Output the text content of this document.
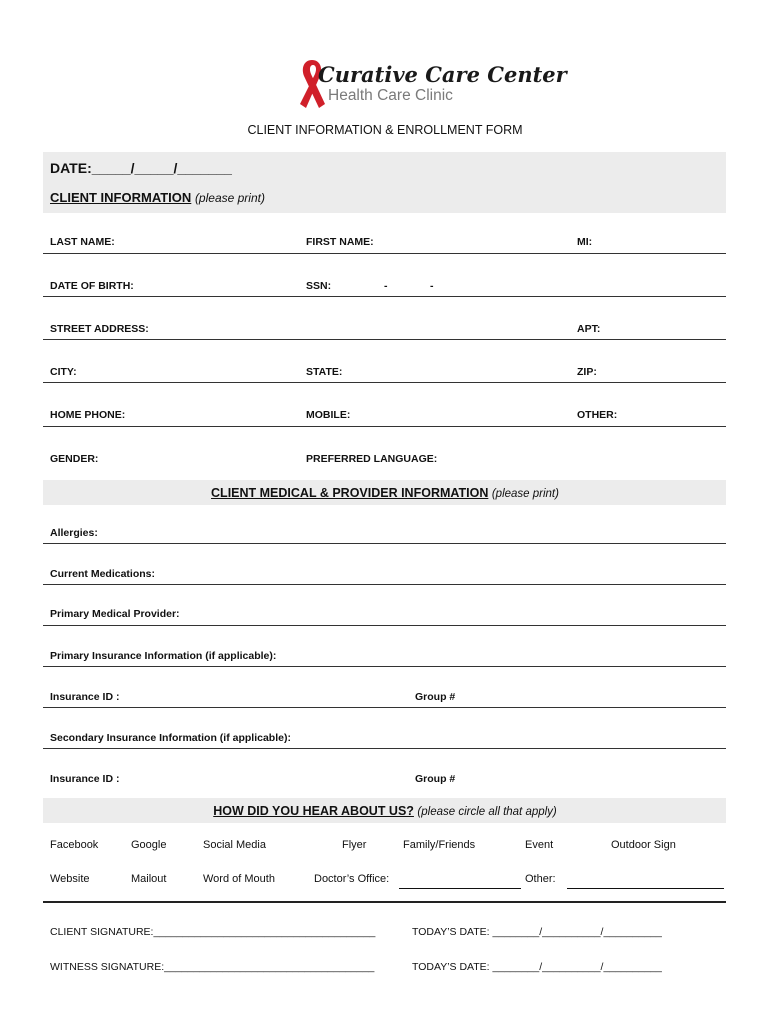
Curative Care Center
Health Care Clinic
CLIENT INFORMATION & ENROLLMENT FORM
DATE:_____/_____/_______
CLIENT INFORMATION (please print)
LAST NAME:	FIRST NAME:	MI:
DATE OF BIRTH:	SSN:	-	-
STREET ADDRESS:	APT:
CITY:	STATE:	ZIP:
HOME PHONE:	MOBILE:	OTHER:
GENDER:	PREFERRED LANGUAGE:
CLIENT MEDICAL & PROVIDER INFORMATION (please print)
Allergies:
Current Medications:
Primary Medical Provider:
Primary Insurance Information (if applicable):
Insurance ID :	Group #
Secondary Insurance Information (if applicable):
Insurance ID :	Group #
HOW DID YOU HEAR ABOUT US? (please circle all that apply)
Facebook	Google	Social Media	Flyer	Family/Friends	Event	Outdoor Sign
Website	Mailout	Word of Mouth	Doctor’s Office:	Other:
CLIENT SIGNATURE:______________________________________	TODAY’S DATE: ________/__________/__________
WITNESS SIGNATURE:____________________________________	TODAY’S DATE: ________/__________/__________
